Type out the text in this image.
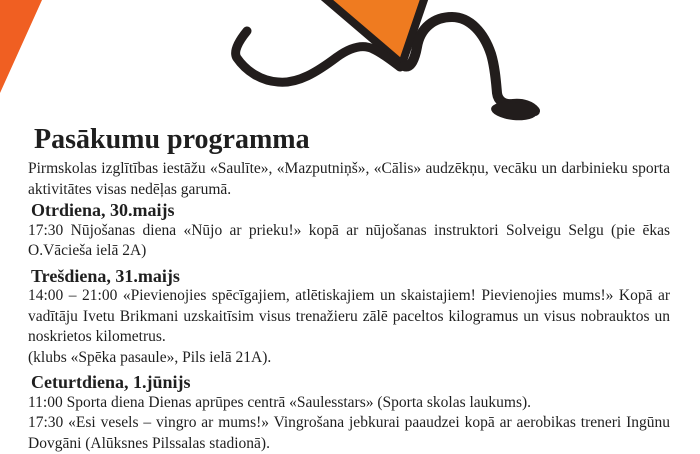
Pasākumu programma

Pirmskolas izglītības iestāžu «Saulīte», «Mazputniņš», «Cālis» audzēkņu, vecāku un darbinieku sporta aktivitātes visas nedēļas garumā.

Otrdiena, 30.maijs

17:30 Nūjošanas diena «Nūjo ar prieku!» kopā ar nūjošanas instruktori Solveigu Selgu (pie ēkas O.Vācieša ielā 2A)

Trešdiena, 31.maijs

14:00 – 21:00 «Pievienojies spēcīgajiem, atlētiskajiem un skaistajiem! Pievienojies mums!» Kopā ar vadītāju Ivetu Brikmani uzskaitīsim visus trenažieru zālē paceltos kilogramus un visus nobrauktos un noskrietos kilometrus.

(klubs «Spēka pasaule», Pils ielā 21A).

Ceturtdiena, 1.jūnijs

11:00 Sporta diena Dienas aprūpes centrā «Saulesstars» (Sporta skolas laukums).

17:30 «Esi vesels – vingro ar mums!» Vingrošana jebkurai paaudzei kopā ar aerobikas treneri Ingūnu Dovgāni (Alūksnes Pilssalas stadionā).
